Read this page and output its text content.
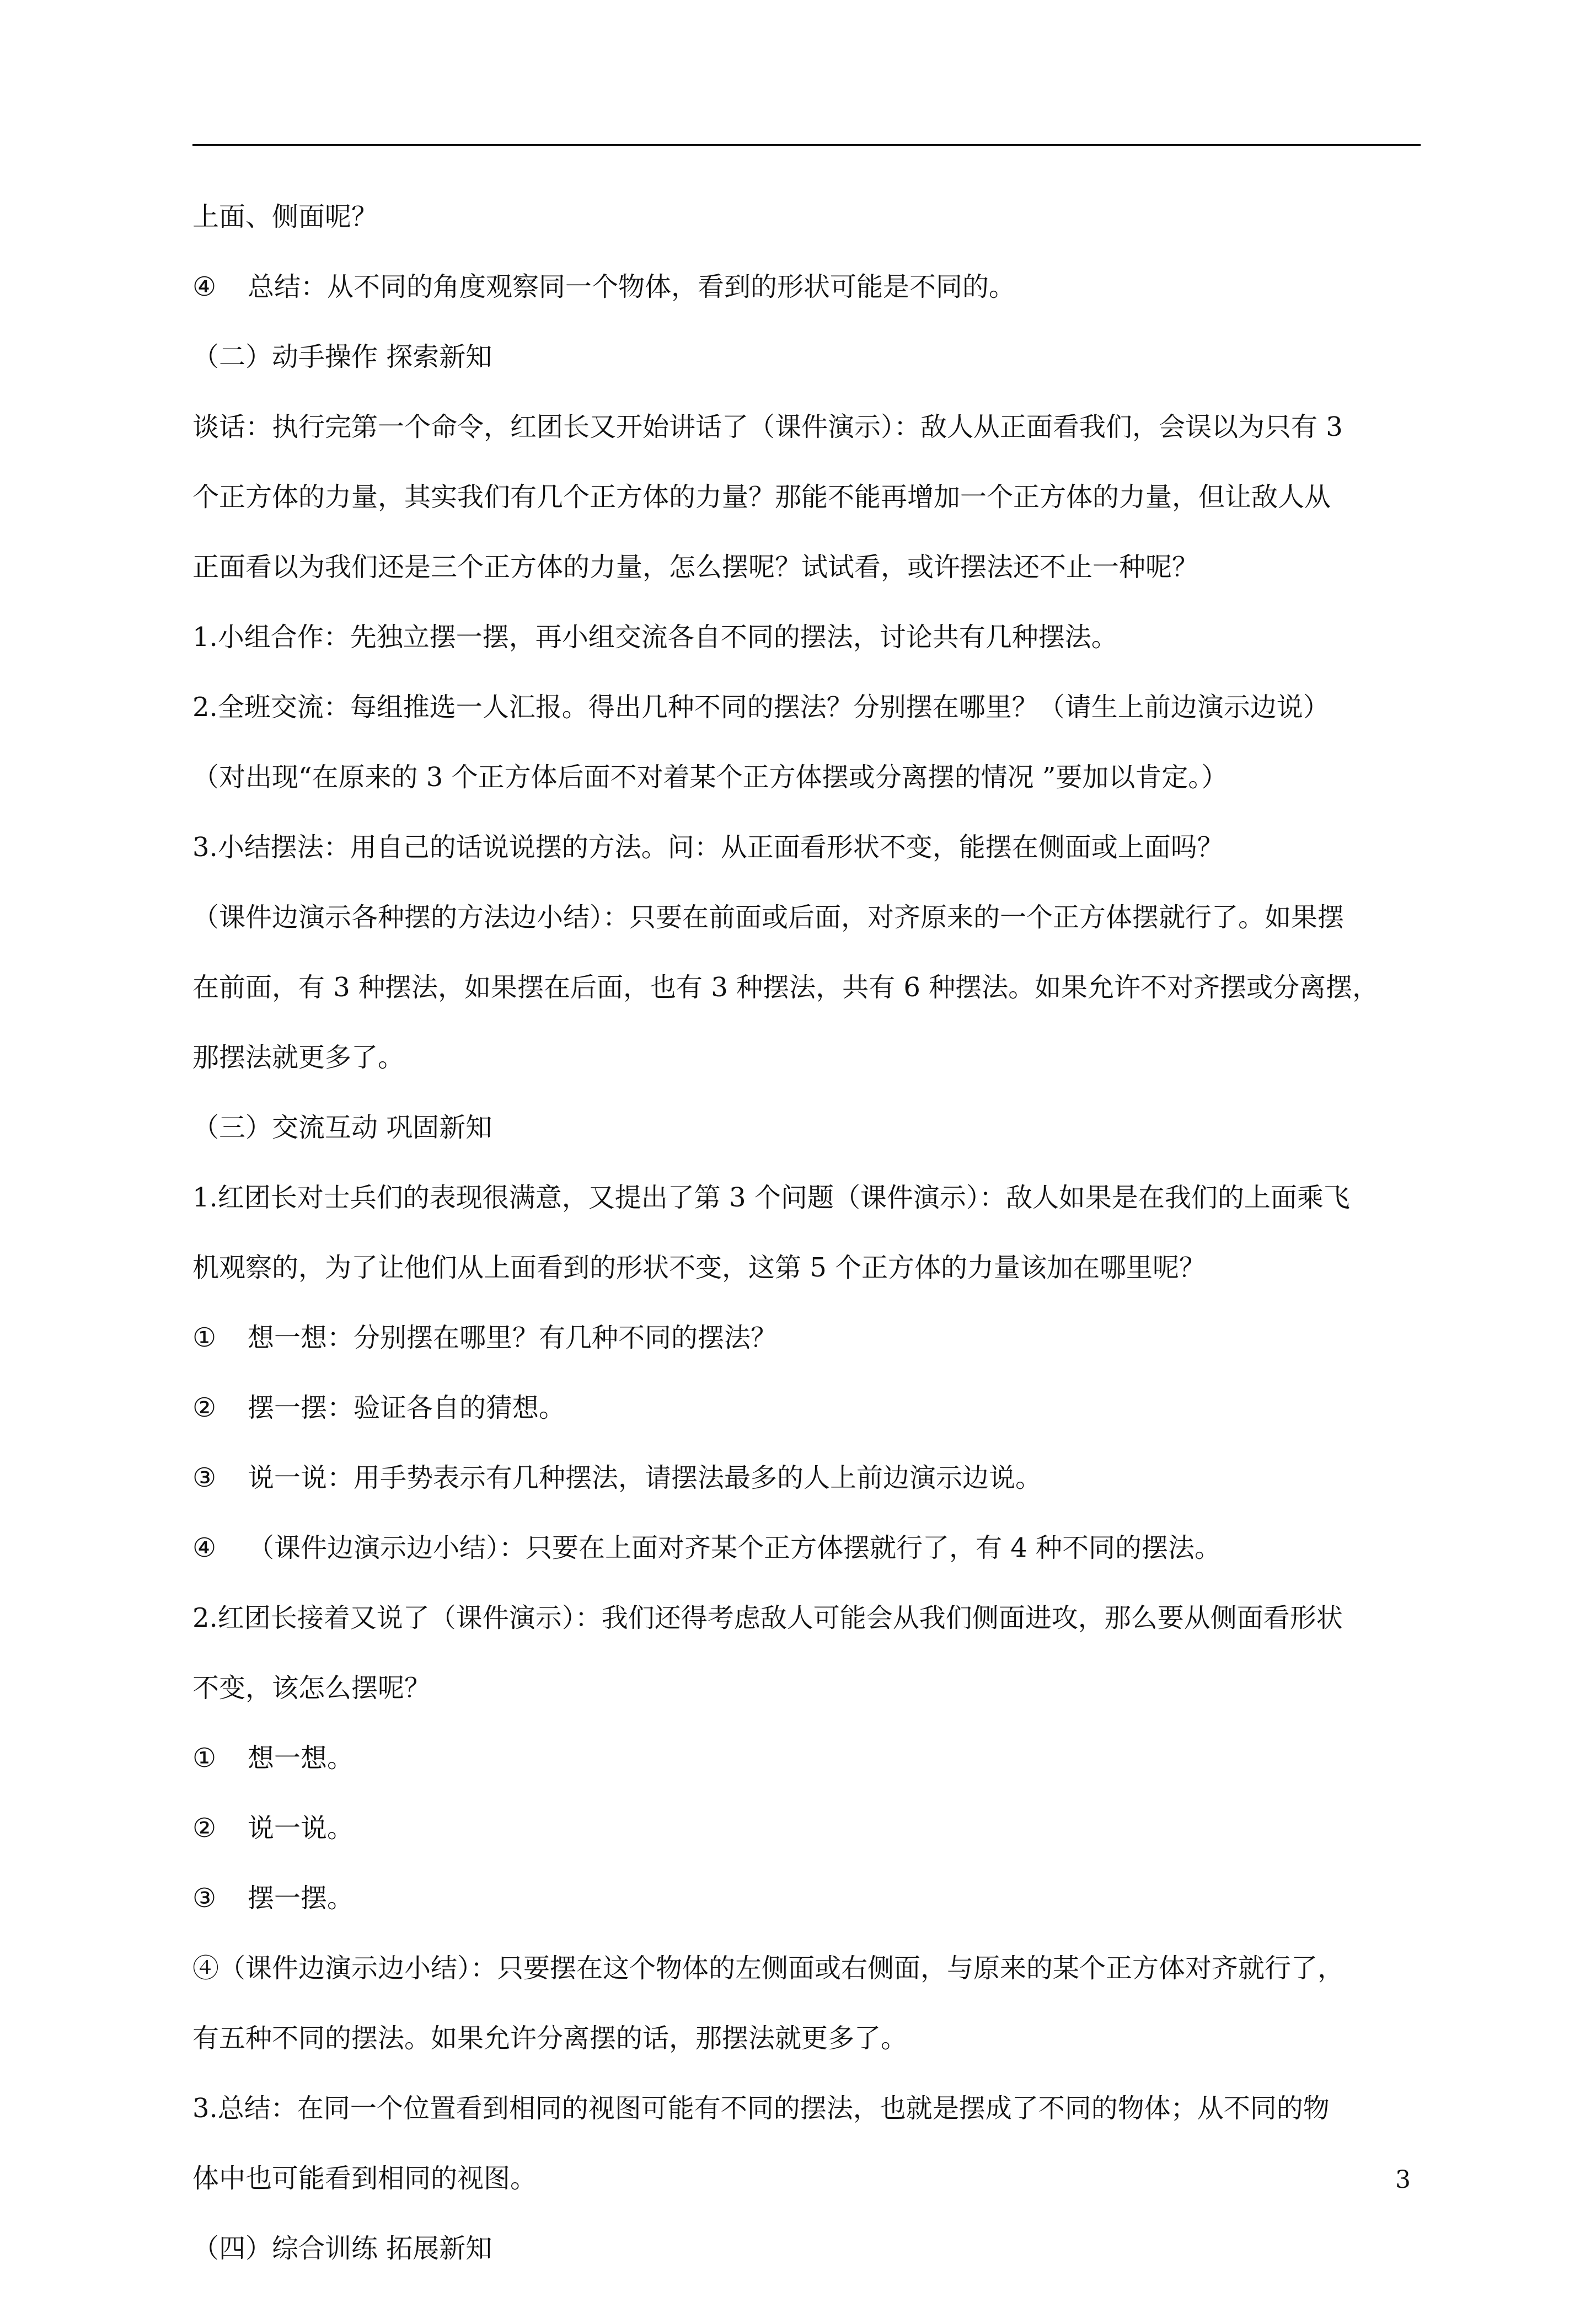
上面、侧面呢？
④ 总结：从不同的角度观察同一个物体，看到的形状可能是不同的。
（二）动手操作 探索新知
谈话：执行完第一个命令，红团长又开始讲话了（课件演示）：敌人从正面看我们，会误以为只有 3
个正方体的力量，其实我们有几个正方体的力量？那能不能再增加一个正方体的力量，但让敌人从
正面看以为我们还是三个正方体的力量，怎么摆呢？试试看，或许摆法还不止一种呢？
1.小组合作：先独立摆一摆，再小组交流各自不同的摆法，讨论共有几种摆法。
2.全班交流：每组推选一人汇报。得出几种不同的摆法？分别摆在哪里？（请生上前边演示边说）
（对出现“在原来的 3 个正方体后面不对着某个正方体摆或分离摆的情况 ”要加以肯定。）
3.小结摆法：用自己的话说说摆的方法。问：从正面看形状不变，能摆在侧面或上面吗？
（课件边演示各种摆的方法边小结）：只要在前面或后面，对齐原来的一个正方体摆就行了。如果摆
在前面，有 3 种摆法，如果摆在后面，也有 3 种摆法，共有 6 种摆法。如果允许不对齐摆或分离摆，
那摆法就更多了。
（三）交流互动 巩固新知
1.红团长对士兵们的表现很满意，又提出了第 3 个问题（课件演示）：敌人如果是在我们的上面乘飞
机观察的，为了让他们从上面看到的形状不变，这第 5 个正方体的力量该加在哪里呢？
① 想一想：分别摆在哪里？有几种不同的摆法？
② 摆一摆：验证各自的猜想。
③ 说一说：用手势表示有几种摆法，请摆法最多的人上前边演示边说。
④ （课件边演示边小结）：只要在上面对齐某个正方体摆就行了，有 4 种不同的摆法。
2.红团长接着又说了（课件演示）：我们还得考虑敌人可能会从我们侧面进攻，那么要从侧面看形状
不变，该怎么摆呢？
① 想一想。
② 说一说。
③ 摆一摆。
④（课件边演示边小结）：只要摆在这个物体的左侧面或右侧面，与原来的某个正方体对齐就行了，
有五种不同的摆法。如果允许分离摆的话，那摆法就更多了。
3.总结：在同一个位置看到相同的视图可能有不同的摆法，也就是摆成了不同的物体；从不同的物
体中也可能看到相同的视图。
（四）综合训练 拓展新知
3
